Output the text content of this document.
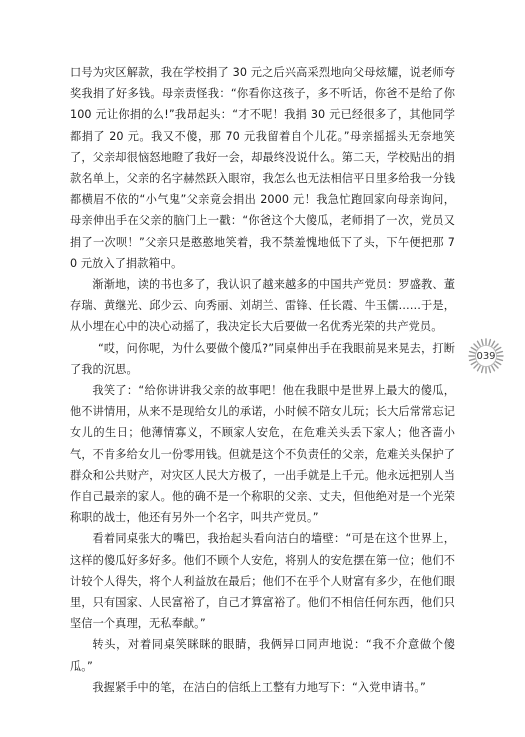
口号为灾区解款，我在学校捐了 30 元之后兴高采烈地向父母炫耀，说老师夸奖我捐了好多钱。母亲责怪我：“你看你这孩子，多不听话，你爸不是给了你 100 元让你捐的么!”我昂起头：“才不呢！我捐 30 元已经很多了，其他同学都捐了 20 元。我又不傻，那 70 元我留着自个儿花。”母亲摇摇头无奈地笑了，父亲却很恼怒地瞪了我好一会，却最终没说什么。第二天，学校贴出的捐款名单上，父亲的名字赫然跃入眼帘，我怎么也无法相信平日里多给我一分钱都横眉不依的“小气鬼”父亲竟会捐出 2000 元！我急忙跑回家向母亲询问，母亲伸出手在父亲的脑门上一戳：“你爸这个大傻瓜，老师捐了一次，党员又捐了一次呗！”父亲只是憨憨地笑着，我不禁羞愧地低下了头，下午便把那 70 元放入了捐款箱中。

渐渐地，读的书也多了，我认识了越来越多的中国共产党员：罗盛教、董存瑞、黄继光、邱少云、向秀丽、刘胡兰、雷锋、任长霞、牛玉儒……于是，从小埋在心中的决心动摇了，我决定长大后要做一名优秀光荣的共产党员。

“哎，问你呢，为什么要做个傻瓜?”同桌伸出手在我眼前晃来晃去，打断了我的沉思。

我笑了：“给你讲讲我父亲的故事吧！他在我眼中是世界上最大的傻瓜，他不讲情用，从来不是现给女儿的承诺，小时候不陪女儿玩；长大后常常忘记女儿的生日；他薄情寡义，不顾家人安危，在危难关头丢下家人；他吝啬小气，不肯多给女儿一份零用钱。但就是这个不负责任的父亲，危难关头保护了群众和公共财产，对灾区人民大方极了，一出手就是上千元。他永远把别人当作自己最亲的家人。他的确不是一个称职的父亲、丈夫，但他绝对是一个光荣称职的战士，他还有另外一个名字，叫共产党员。”

看着同桌张大的嘴巴，我抬起头看向洁白的墙壁：“可是在这个世界上，这样的傻瓜好多好多。他们不顾个人安危，将别人的安危摆在第一位；他们不计较个人得失，将个人利益放在最后；他们不在乎个人财富有多少，在他们眼里，只有国家、人民富裕了，自己才算富裕了。他们不相信任何东西，他们只坚信一个真理，无私奉献。”

转头，对着同桌笑眯眯的眼睛，我俩异口同声地说：“我不介意做个傻瓜。”

我握紧手中的笔，在洁白的信纸上工整有力地写下：“入党申请书。”

039
